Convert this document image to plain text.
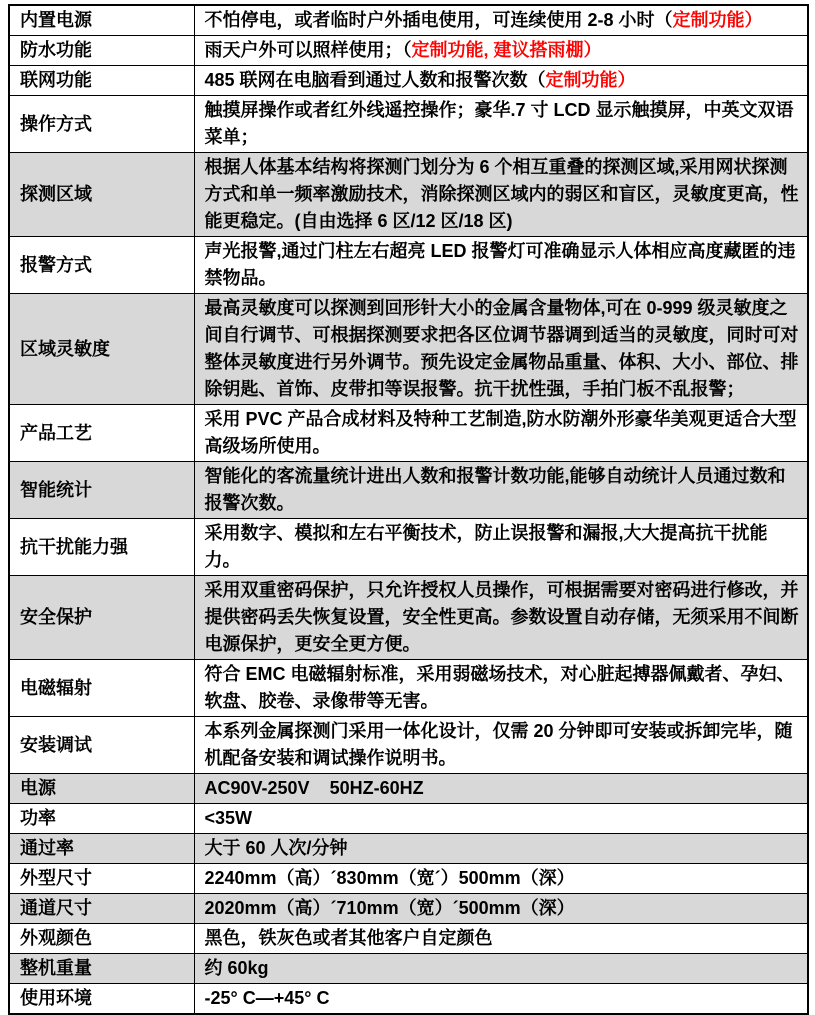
内置电源	不怕停电，或者临时户外插电使用，可连续使用 2-8 小时（定制功能）
防水功能	雨天户外可以照样使用；（定制功能, 建议搭雨棚）
联网功能	485 联网在电脑看到通过人数和报警次数（定制功能）
操作方式	触摸屏操作或者红外线遥控操作；豪华.7 寸 LCD 显示触摸屏，中英文双语菜单；
探测区域	根据人体基本结构将探测门划分为 6 个相互重叠的探测区域,采用网状探测方式和单一频率激励技术，消除探测区域内的弱区和盲区，灵敏度更高，性能更稳定。(自由选择 6 区/12 区/18 区)
报警方式	声光报警,通过门柱左右超亮 LED 报警灯可准确显示人体相应高度藏匿的违禁物品。
区域灵敏度	最高灵敏度可以探测到回形针大小的金属含量物体,可在 0-999 级灵敏度之间自行调节、可根据探测要求把各区位调节器调到适当的灵敏度，同时可对整体灵敏度进行另外调节。预先设定金属物品重量、体积、大小、部位、排除钥匙、首饰、皮带扣等误报警。抗干扰性强，手拍门板不乱报警；
产品工艺	采用 PVC 产品合成材料及特种工艺制造,防水防潮外形豪华美观更适合大型高级场所使用。
智能统计	智能化的客流量统计进出人数和报警计数功能,能够自动统计人员通过数和报警次数。
抗干扰能力强	采用数字、模拟和左右平衡技术，防止误报警和漏报,大大提高抗干扰能力。
安全保护	采用双重密码保护，只允许授权人员操作，可根据需要对密码进行修改，并提供密码丢失恢复设置，安全性更高。参数设置自动存储，无须采用不间断电源保护，更安全更方便。
电磁辐射	符合 EMC 电磁辐射标准，采用弱磁场技术，对心脏起搏器佩戴者、孕妇、软盘、胶卷、录像带等无害。
安装调试	本系列金属探测门采用一体化设计，仅需 20 分钟即可安装或拆卸完毕，随机配备安装和调试操作说明书。
电源	AC90V-250V    50HZ-60HZ
功率	<35W
通过率	大于 60 人次/分钟
外型尺寸	2240mm（高）´830mm（宽´）500mm（深）
通道尺寸	2020mm（高）´710mm（宽）´500mm（深）
外观颜色	黑色，铁灰色或者其他客户自定颜色
整机重量	约 60kg
使用环境	-25° C—+45° C
